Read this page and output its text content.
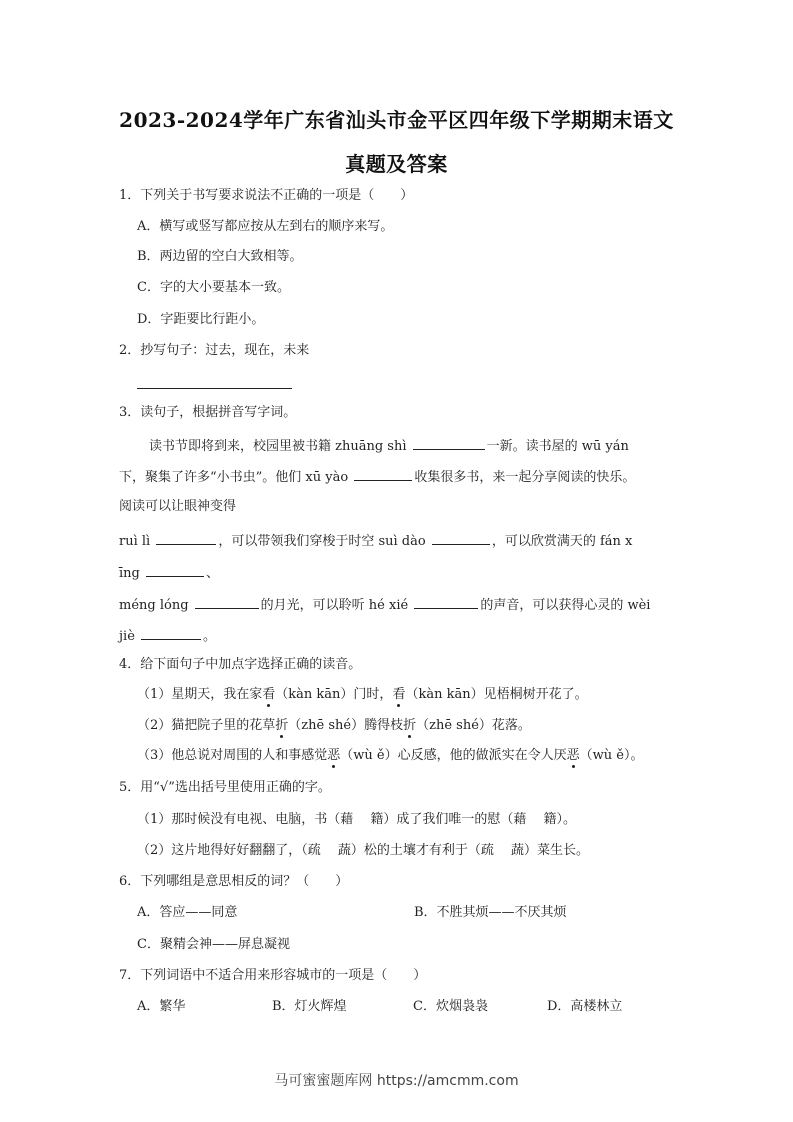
2023-2024学年广东省汕头市金平区四年级下学期期末语文
真题及答案
1．下列关于书写要求说法不正确的一项是（　　）
A．横写或竖写都应按从左到右的顺序来写。
B．两边留的空白大致相等。
C．字的大小要基本一致。
D．字距要比行距小。
2．抄写句子：过去，现在，未来
3．读句子，根据拼音写字词。
读书节即将到来，校园里被书籍 zhuāng shì	一新。读书屋的 wū yán
下，聚集了许多“小书虫”。他们 xū yào	收集很多书，来一起分享阅读的快乐。
阅读可以让眼神变得
ruì lì	，可以带领我们穿梭于时空 suì dào	，可以欣赏满天的 fán x
īng	、
méng lóng	的月光，可以聆听 hé xié	的声音，可以获得心灵的 wèi
jiè	。
4．给下面句子中加点字选择正确的读音。
（1）星期天，我在家看（kàn kān）门时，看（kàn kān）见梧桐树开花了。
（2）猫把院子里的花草折（zhē shé）腾得枝折（zhē shé）花落。
（3）他总说对周围的人和事感觉恶（wù ě）心反感，他的做派实在令人厌恶（wù ě）。
5．用“√”选出括号里使用正确的字。
（1）那时候没有电视、电脑，书（藉　 籍）成了我们唯一的慰（藉　 籍）。
（2）这片地得好好翻翻了，（疏　 蔬）松的土壤才有利于（疏　 蔬）菜生长。
6．下列哪组是意思相反的词？（　　）
A．答应——同意	B．不胜其烦——不厌其烦
C．聚精会神——屏息凝视
7．下列词语中不适合用来形容城市的一项是（　　）
A．繁华	B．灯火辉煌	C．炊烟袅袅	D．高楼林立
马可蜜蜜题库网 https://amcmm.com
